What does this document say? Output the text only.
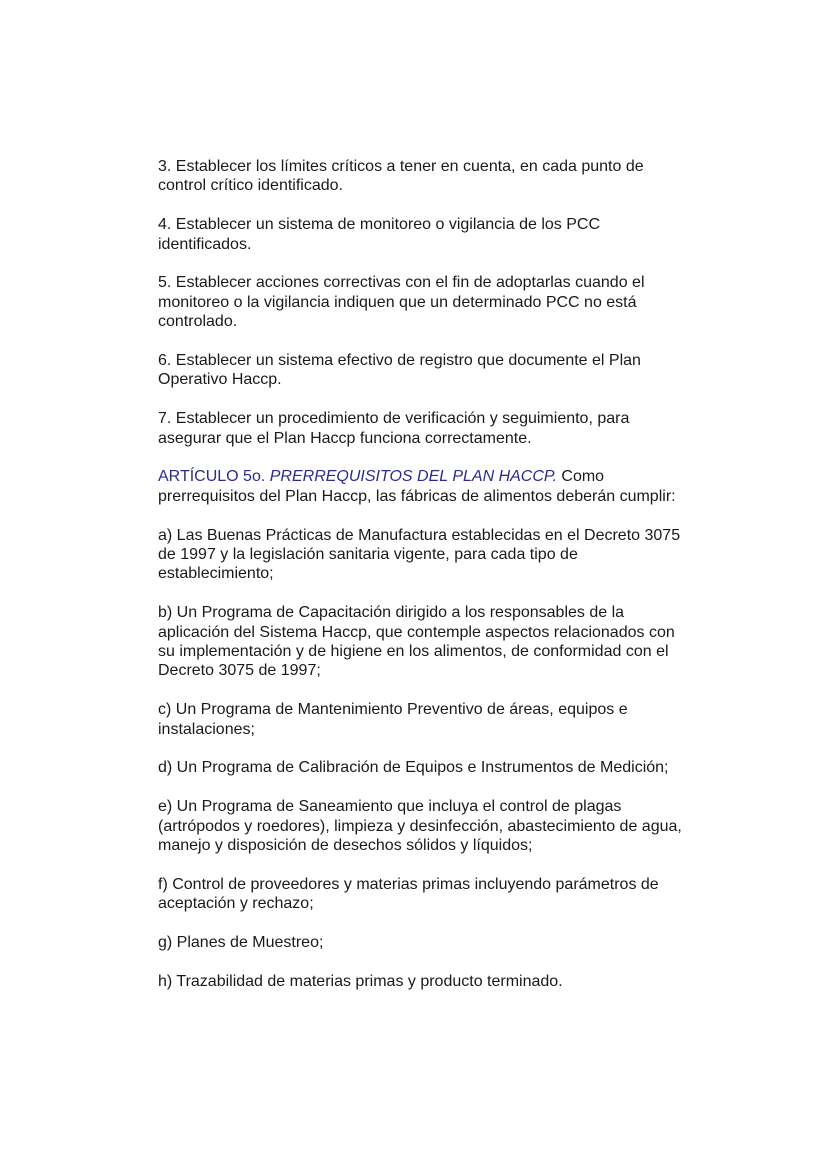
3. Establecer los límites críticos a tener en cuenta, en cada punto de
control crítico identificado.

4. Establecer un sistema de monitoreo o vigilancia de los PCC
identificados.

5. Establecer acciones correctivas con el fin de adoptarlas cuando el
monitoreo o la vigilancia indiquen que un determinado PCC no está
controlado.

6. Establecer un sistema efectivo de registro que documente el Plan
Operativo Haccp.

7. Establecer un procedimiento de verificación y seguimiento, para
asegurar que el Plan Haccp funciona correctamente.

ARTÍCULO 5o. PRERREQUISITOS DEL PLAN HACCP. Como
prerrequisitos del Plan Haccp, las fábricas de alimentos deberán cumplir:

a) Las Buenas Prácticas de Manufactura establecidas en el Decreto 3075
de 1997 y la legislación sanitaria vigente, para cada tipo de
establecimiento;

b) Un Programa de Capacitación dirigido a los responsables de la
aplicación del Sistema Haccp, que contemple aspectos relacionados con
su implementación y de higiene en los alimentos, de conformidad con el
Decreto 3075 de 1997;

c) Un Programa de Mantenimiento Preventivo de áreas, equipos e
instalaciones;

d) Un Programa de Calibración de Equipos e Instrumentos de Medición;

e) Un Programa de Saneamiento que incluya el control de plagas
(artrópodos y roedores), limpieza y desinfección, abastecimiento de agua,
manejo y disposición de desechos sólidos y líquidos;

f) Control de proveedores y materias primas incluyendo parámetros de
aceptación y rechazo;

g) Planes de Muestreo;

h) Trazabilidad de materias primas y producto terminado.
